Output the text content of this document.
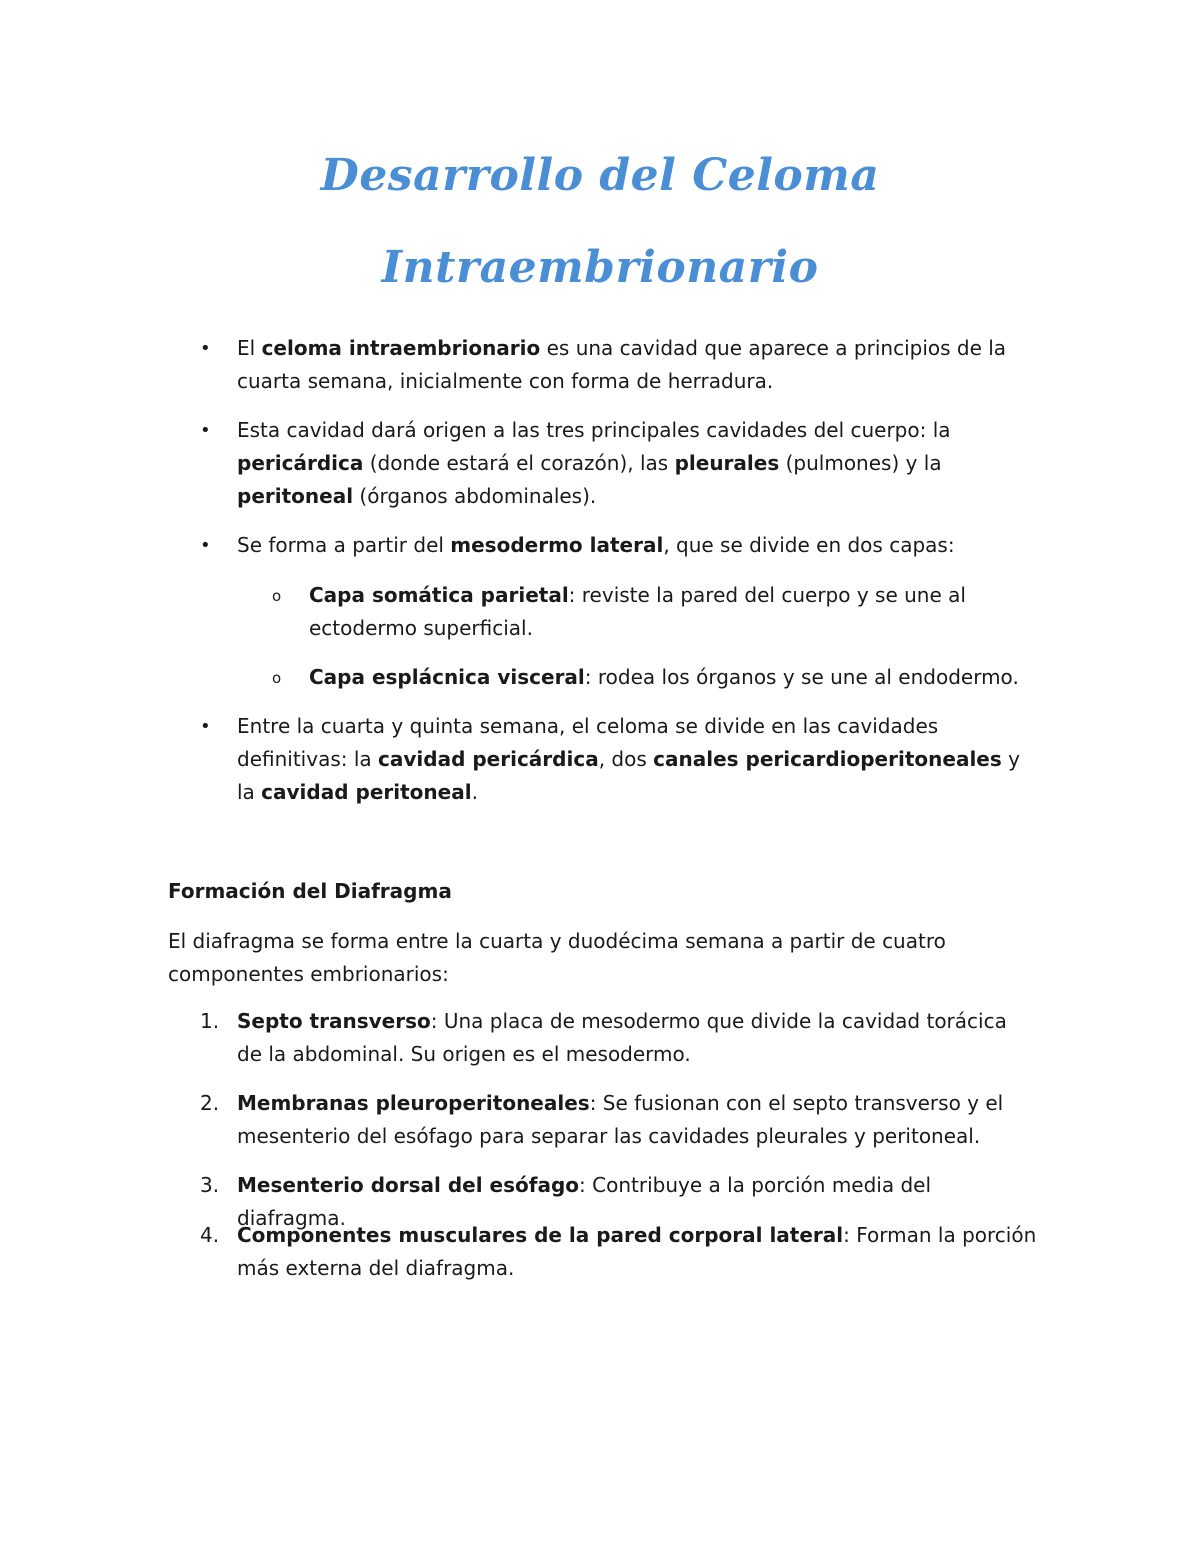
Desarrollo del Celoma
Intraembrionario
• El celoma intraembrionario es una cavidad que aparece a principios de la cuarta semana, inicialmente con forma de herradura.
• Esta cavidad dará origen a las tres principales cavidades del cuerpo: la pericárdica (donde estará el corazón), las pleurales (pulmones) y la peritoneal (órganos abdominales).
• Se forma a partir del mesodermo lateral, que se divide en dos capas:
o Capa somática parietal: reviste la pared del cuerpo y se une al ectodermo superficial.
o Capa esplácnica visceral: rodea los órganos y se une al endodermo.
• Entre la cuarta y quinta semana, el celoma se divide en las cavidades definitivas: la cavidad pericárdica, dos canales pericardioperitoneales y la cavidad peritoneal.
Formación del Diafragma
El diafragma se forma entre la cuarta y duodécima semana a partir de cuatro componentes embrionarios:
1. Septo transverso: Una placa de mesodermo que divide la cavidad torácica de la abdominal. Su origen es el mesodermo.
2. Membranas pleuroperitoneales: Se fusionan con el septo transverso y el mesenterio del esófago para separar las cavidades pleurales y peritoneal.
3. Mesenterio dorsal del esófago: Contribuye a la porción media del diafragma.
4. Componentes musculares de la pared corporal lateral: Forman la porción más externa del diafragma.
